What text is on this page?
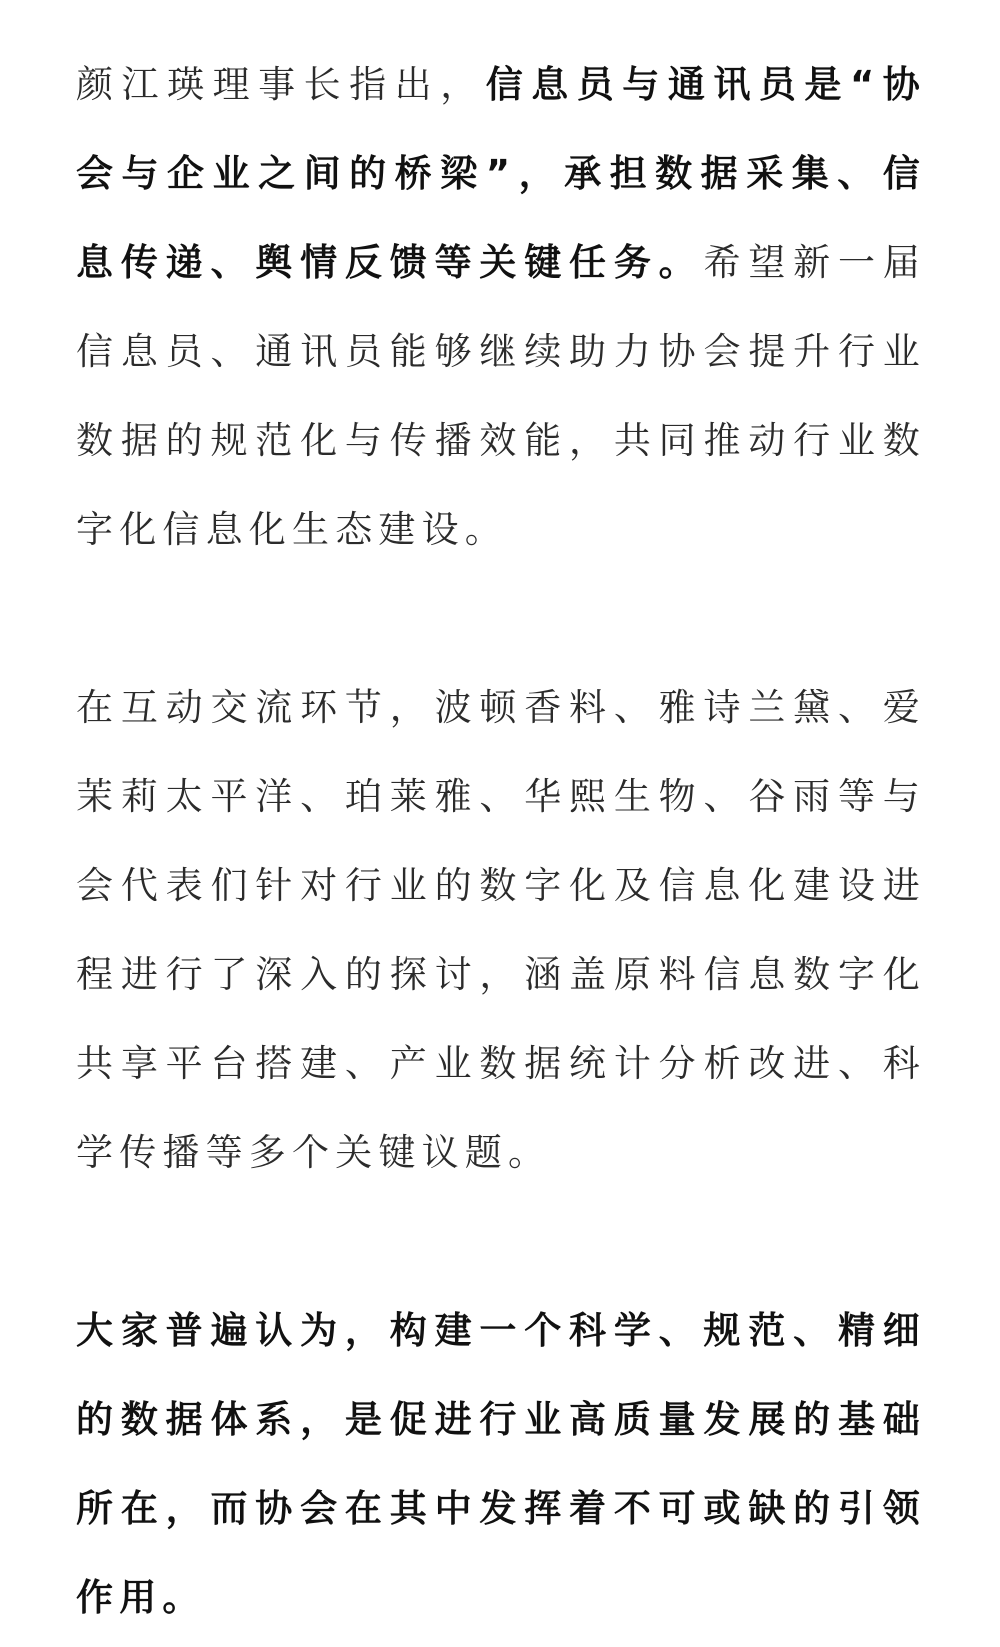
颜江瑛理事长指出，信息员与通讯员是“协会与企业之间的桥梁”，承担数据采集、信息传递、舆情反馈等关键任务。希望新一届信息员、通讯员能够继续助力协会提升行业数据的规范化与传播效能，共同推动行业数字化信息化生态建设。

在互动交流环节，波顿香料、雅诗兰黛、爱茉莉太平洋、珀莱雅、华熙生物、谷雨等与会代表们针对行业的数字化及信息化建设进程进行了深入的探讨，涵盖原料信息数字化共享平台搭建、产业数据统计分析改进、科学传播等多个关键议题。

大家普遍认为，构建一个科学、规范、精细的数据体系，是促进行业高质量发展的基础所在，而协会在其中发挥着不可或缺的引领作用。
